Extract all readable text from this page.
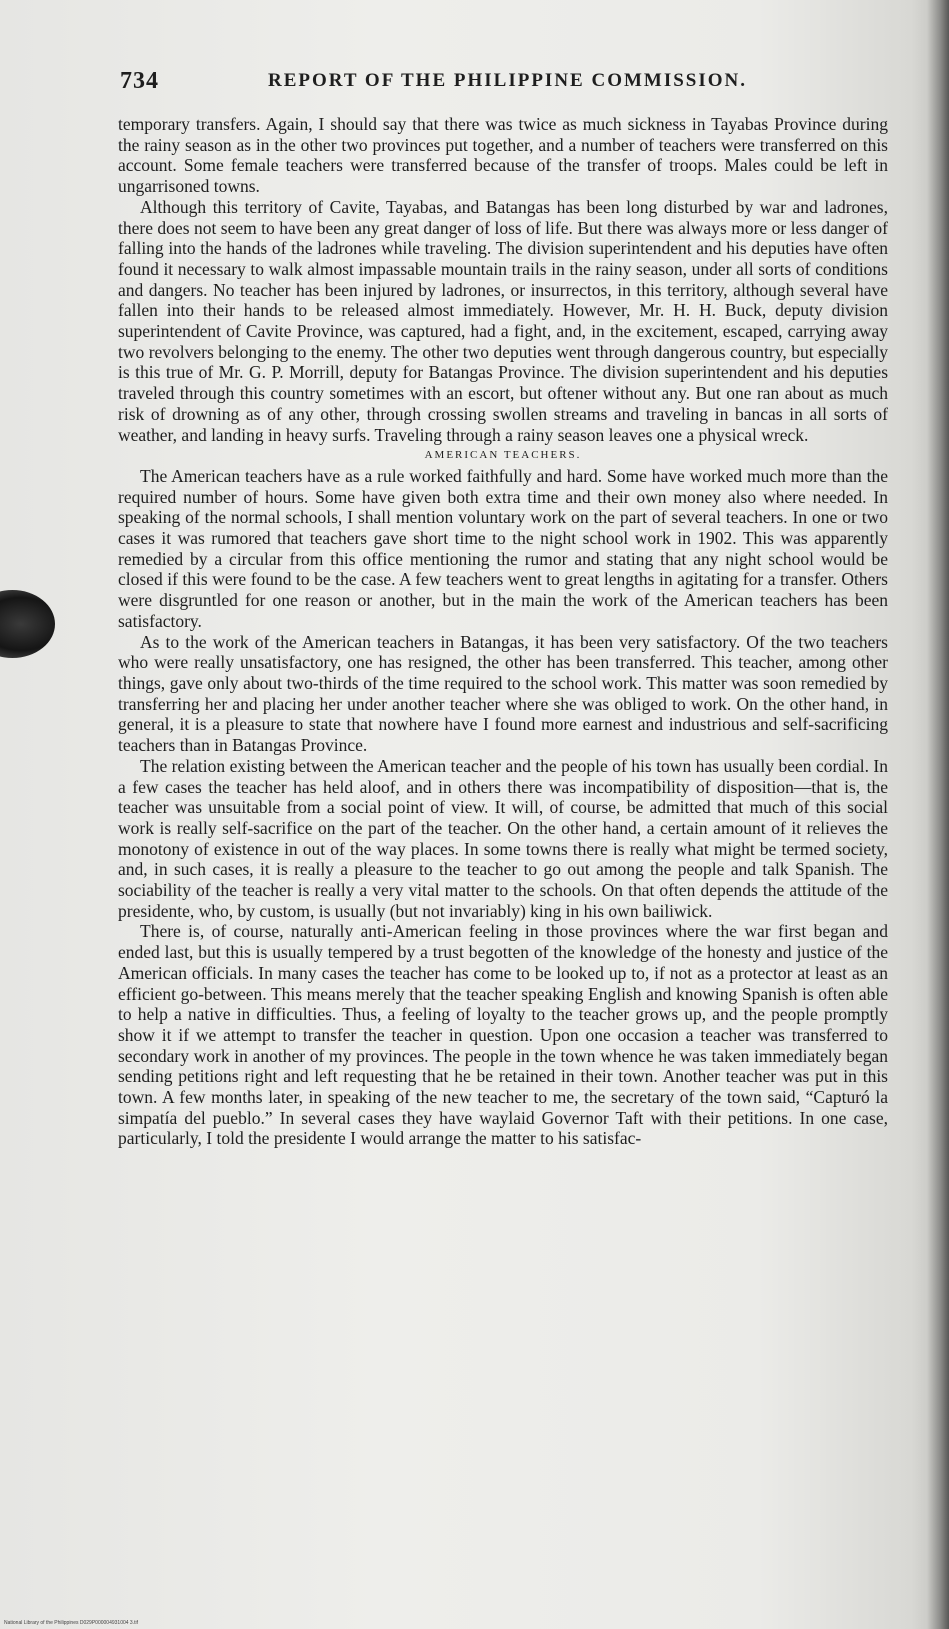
734	REPORT OF THE PHILIPPINE COMMISSION.

temporary transfers. Again, I should say that there was twice as much sickness in Tayabas Province during the rainy season as in the other two provinces put together, and a number of teachers were transferred on this account. Some female teachers were transferred because of the transfer of troops. Males could be left in ungarrisoned towns.

Although this territory of Cavite, Tayabas, and Batangas has been long disturbed by war and ladrones, there does not seem to have been any great danger of loss of life. But there was always more or less danger of falling into the hands of the ladrones while traveling. The division superintendent and his deputies have often found it necessary to walk almost impassable mountain trails in the rainy season, under all sorts of conditions and dangers. No teacher has been injured by ladrones, or insurrectos, in this territory, although several have fallen into their hands to be released almost immediately. However, Mr. H. H. Buck, deputy division superintendent of Cavite Province, was captured, had a fight, and, in the excitement, escaped, carrying away two revolvers belonging to the enemy. The other two deputies went through dangerous country, but especially is this true of Mr. G. P. Morrill, deputy for Batangas Province. The division superintendent and his deputies traveled through this country sometimes with an escort, but oftener without any. But one ran about as much risk of drowning as of any other, through crossing swollen streams and traveling in bancas in all sorts of weather, and landing in heavy surfs. Traveling through a rainy season leaves one a physical wreck.

AMERICAN TEACHERS.

The American teachers have as a rule worked faithfully and hard. Some have worked much more than the required number of hours. Some have given both extra time and their own money also where needed. In speaking of the normal schools, I shall mention voluntary work on the part of several teachers. In one or two cases it was rumored that teachers gave short time to the night school work in 1902. This was apparently remedied by a circular from this office mentioning the rumor and stating that any night school would be closed if this were found to be the case. A few teachers went to great lengths in agitating for a transfer. Others were disgruntled for one reason or another, but in the main the work of the American teachers has been satisfactory.

As to the work of the American teachers in Batangas, it has been very satisfactory. Of the two teachers who were really unsatisfactory, one has resigned, the other has been transferred. This teacher, among other things, gave only about two-thirds of the time required to the school work. This matter was soon remedied by transferring her and placing her under another teacher where she was obliged to work. On the other hand, in general, it is a pleasure to state that nowhere have I found more earnest and industrious and self-sacrificing teachers than in Batangas Province.

The relation existing between the American teacher and the people of his town has usually been cordial. In a few cases the teacher has held aloof, and in others there was incompatibility of disposition—that is, the teacher was unsuitable from a social point of view. It will, of course, be admitted that much of this social work is really self-sacrifice on the part of the teacher. On the other hand, a certain amount of it relieves the monotony of existence in out of the way places. In some towns there is really what might be termed society, and, in such cases, it is really a pleasure to the teacher to go out among the people and talk Spanish. The sociability of the teacher is really a very vital matter to the schools. On that often depends the attitude of the presidente, who, by custom, is usually (but not invariably) king in his own bailiwick.

There is, of course, naturally anti-American feeling in those provinces where the war first began and ended last, but this is usually tempered by a trust begotten of the knowledge of the honesty and justice of the American officials. In many cases the teacher has come to be looked up to, if not as a protector at least as an efficient go-between. This means merely that the teacher speaking English and knowing Spanish is often able to help a native in difficulties. Thus, a feeling of loyalty to the teacher grows up, and the people promptly show it if we attempt to transfer the teacher in question. Upon one occasion a teacher was transferred to secondary work in another of my provinces. The people in the town whence he was taken immediately began sending petitions right and left requesting that he be retained in their town. Another teacher was put in this town. A few months later, in speaking of the new teacher to me, the secretary of the town said, “Capturó la simpatía del pueblo.” In several cases they have waylaid Governor Taft with their petitions. In one case, particularly, I told the presidente I would arrange the matter to his satisfac-

National Library of the Philippines D029P000004931004 3.tif
